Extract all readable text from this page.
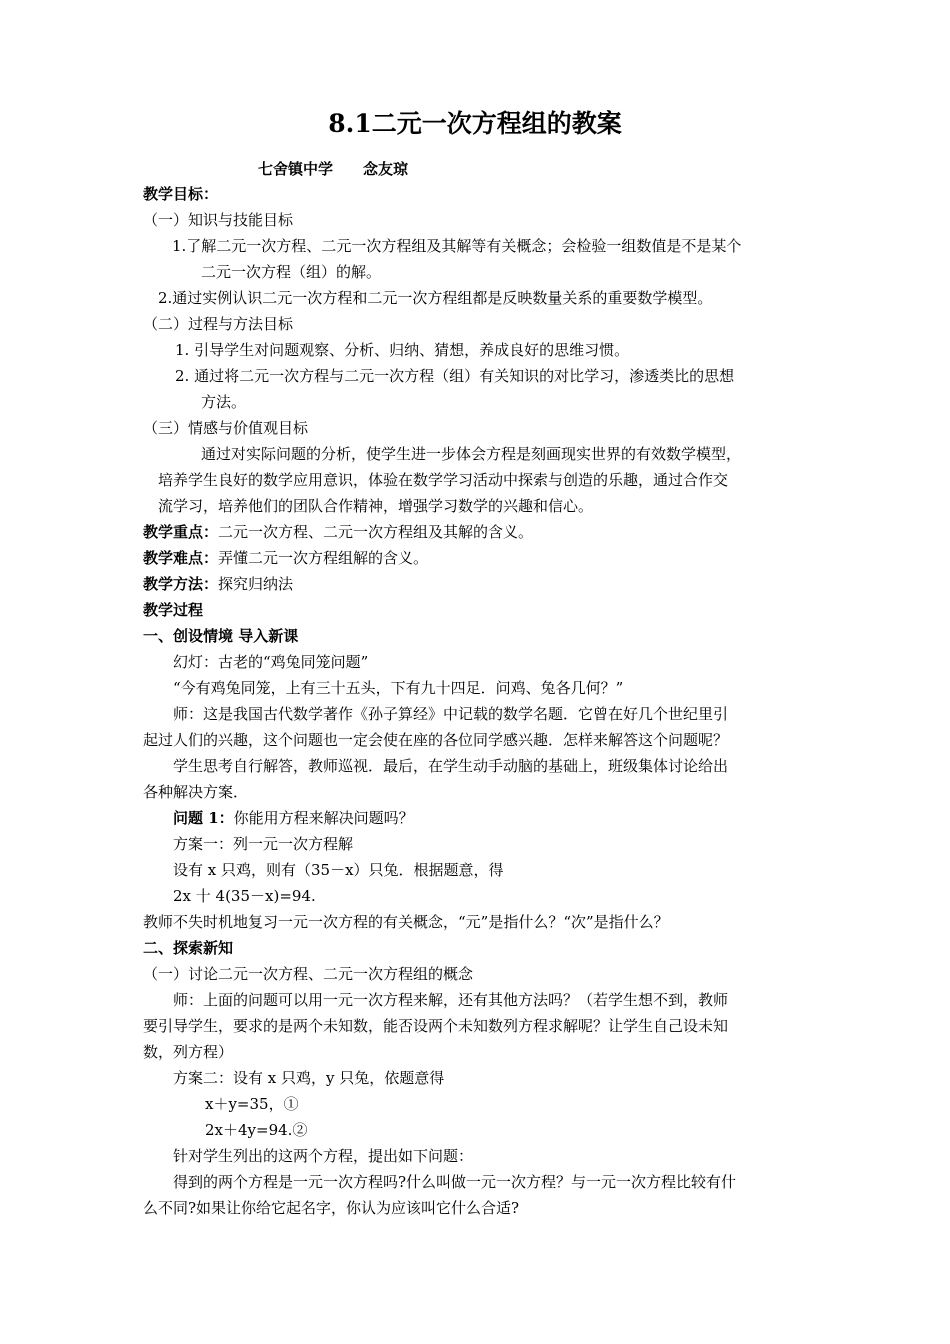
8.1二元一次方程组的教案
七舍镇中学　　念友琼
教学目标：
（一）知识与技能目标
1.了解二元一次方程、二元一次方程组及其解等有关概念；会检验一组数值是不是某个
二元一次方程（组）的解。
2.通过实例认识二元一次方程和二元一次方程组都是反映数量关系的重要数学模型。
（二）过程与方法目标
1. 引导学生对问题观察、分析、归纳、猜想，养成良好的思维习惯。
2. 通过将二元一次方程与二元一次方程（组）有关知识的对比学习，渗透类比的思想
方法。
（三）情感与价值观目标
通过对实际问题的分析，使学生进一步体会方程是刻画现实世界的有效数学模型，
培养学生良好的数学应用意识，体验在数学学习活动中探索与创造的乐趣，通过合作交
流学习，培养他们的团队合作精神，增强学习数学的兴趣和信心。
教学重点：二元一次方程、二元一次方程组及其解的含义。
教学难点：弄懂二元一次方程组解的含义。
教学方法：探究归纳法
教学过程
一、创设情境 导入新课
幻灯：古老的“鸡兔同笼问题”
“今有鸡兔同笼，上有三十五头，下有九十四足．问鸡、兔各几何？”
师：这是我国古代数学著作《孙子算经》中记载的数学名题．它曾在好几个世纪里引
起过人们的兴趣，这个问题也一定会使在座的各位同学感兴趣．怎样来解答这个问题呢？
学生思考自行解答，教师巡视．最后，在学生动手动脑的基础上，班级集体讨论给出
各种解决方案．
问题 1：你能用方程来解决问题吗？
方案一：列一元一次方程解
设有 x 只鸡，则有（35－x）只兔．根据题意，得
2x 十 4(35－x)=94.
教师不失时机地复习一元一次方程的有关概念，“元”是指什么？“次”是指什么？
二、探索新知
（一）讨论二元一次方程、二元一次方程组的概念
师：上面的问题可以用一元一次方程来解，还有其他方法吗？（若学生想不到，教师
要引导学生，要求的是两个未知数，能否设两个未知数列方程求解呢？让学生自己设未知
数，列方程）
方案二：设有 x 只鸡，y 只兔，依题意得
x＋y=35，①
2x＋4y=94.②
针对学生列出的这两个方程，提出如下问题：
得到的两个方程是一元一次方程吗?什么叫做一元一次方程？与一元一次方程比较有什
么不同?如果让你给它起名字，你认为应该叫它什么合适?
